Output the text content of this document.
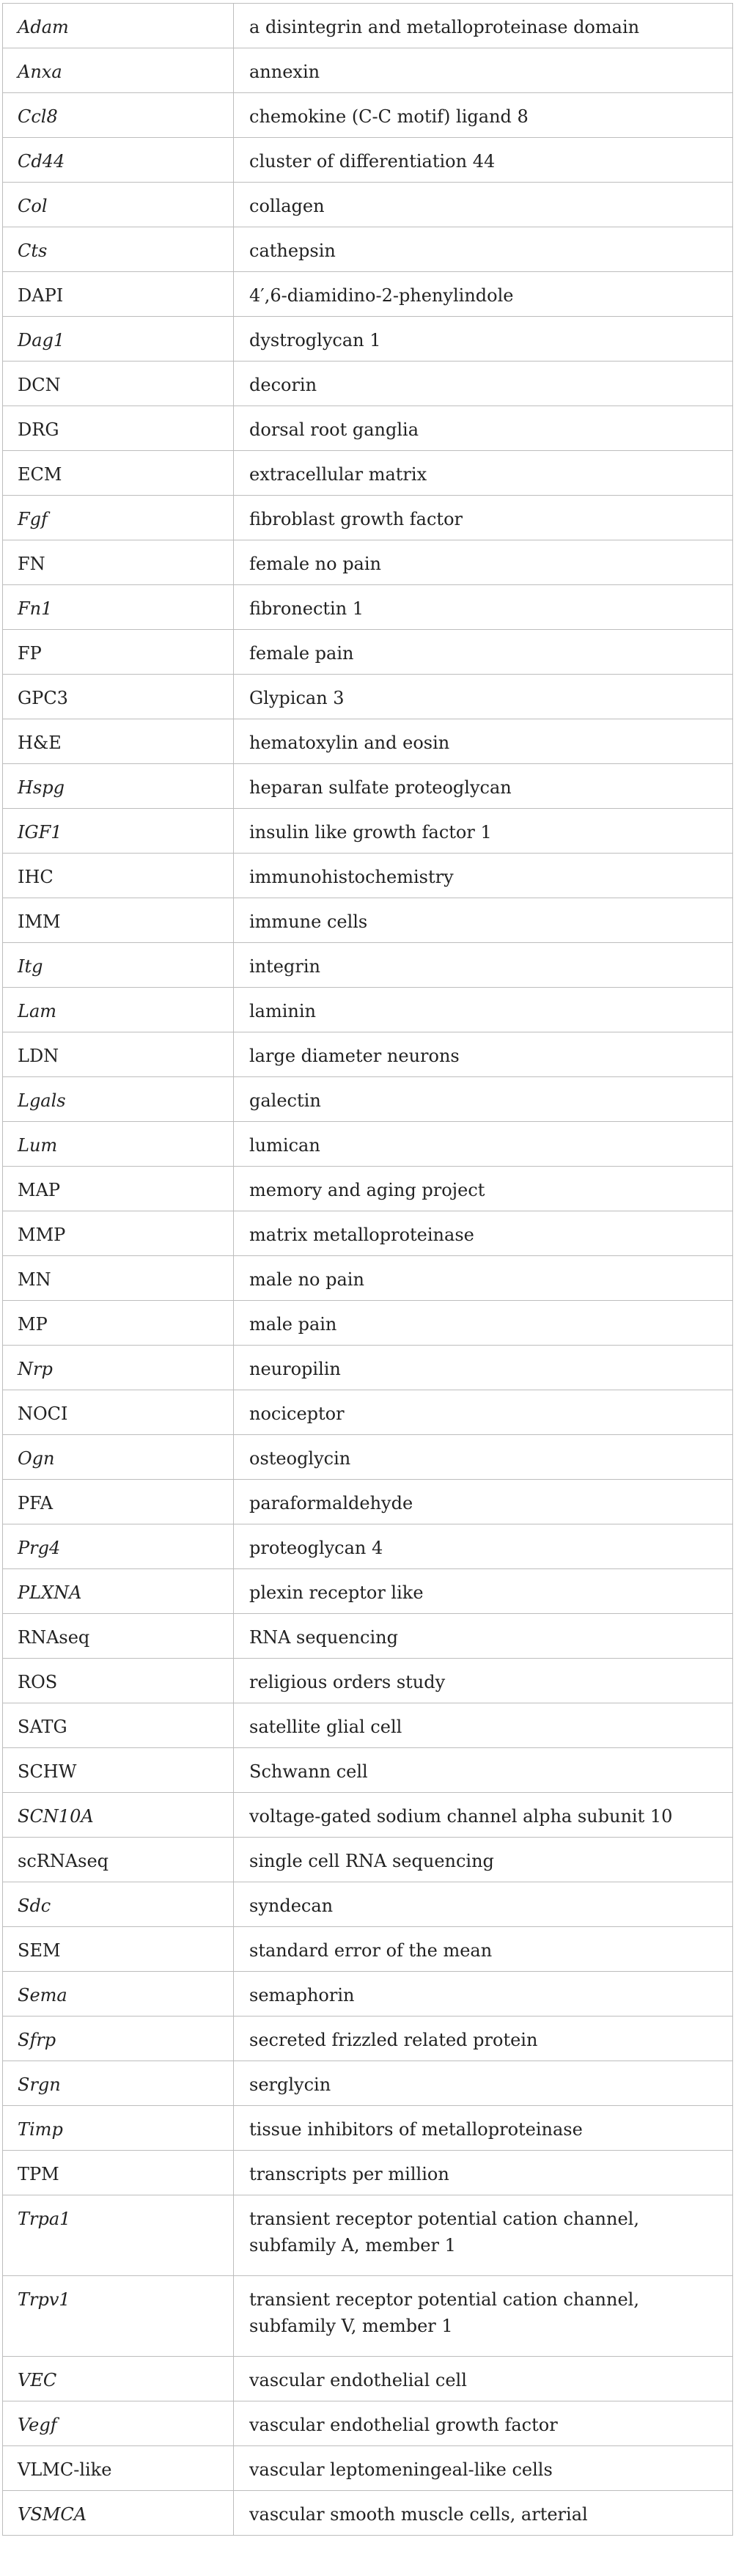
Adam	a disintegrin and metalloproteinase domain
Anxa	annexin
Ccl8	chemokine (C-C motif) ligand 8
Cd44	cluster of differentiation 44
Col	collagen
Cts	cathepsin
DAPI	4′,6-diamidino-2-phenylindole
Dag1	dystroglycan 1
DCN	decorin
DRG	dorsal root ganglia
ECM	extracellular matrix
Fgf	fibroblast growth factor
FN	female no pain
Fn1	fibronectin 1
FP	female pain
GPC3	Glypican 3
H&E	hematoxylin and eosin
Hspg	heparan sulfate proteoglycan
IGF1	insulin like growth factor 1
IHC	immunohistochemistry
IMM	immune cells
Itg	integrin
Lam	laminin
LDN	large diameter neurons
Lgals	galectin
Lum	lumican
MAP	memory and aging project
MMP	matrix metalloproteinase
MN	male no pain
MP	male pain
Nrp	neuropilin
NOCI	nociceptor
Ogn	osteoglycin
PFA	paraformaldehyde
Prg4	proteoglycan 4
PLXNA	plexin receptor like
RNAseq	RNA sequencing
ROS	religious orders study
SATG	satellite glial cell
SCHW	Schwann cell
SCN10A	voltage-gated sodium channel alpha subunit 10
scRNAseq	single cell RNA sequencing
Sdc	syndecan
SEM	standard error of the mean
Sema	semaphorin
Sfrp	secreted frizzled related protein
Srgn	serglycin
Timp	tissue inhibitors of metalloproteinase
TPM	transcripts per million
Trpa1	transient receptor potential cation channel, subfamily A, member 1
Trpv1	transient receptor potential cation channel, subfamily V, member 1
VEC	vascular endothelial cell
Vegf	vascular endothelial growth factor
VLMC-like	vascular leptomeningeal-like cells
VSMCA	vascular smooth muscle cells, arterial
